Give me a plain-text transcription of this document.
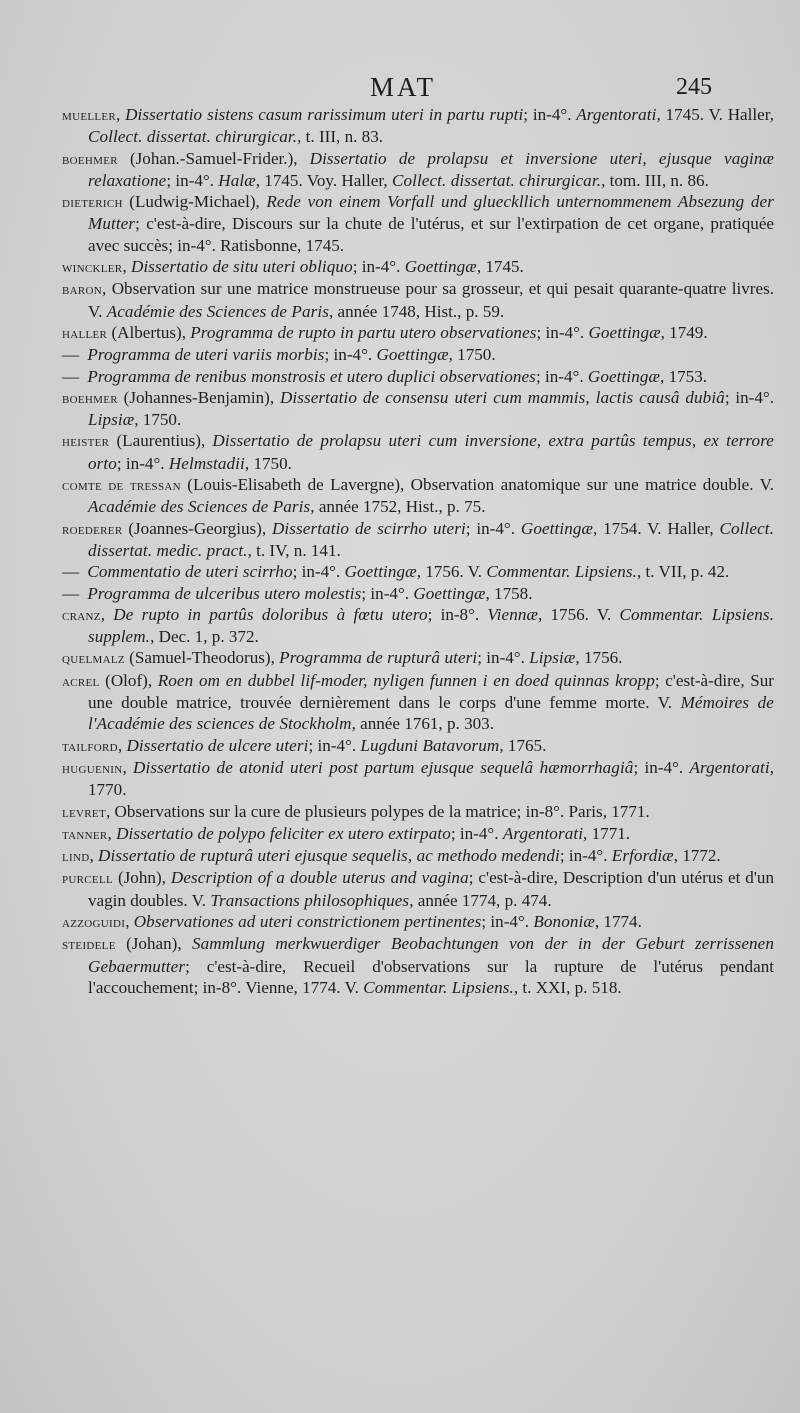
MAT	245

mueller, Dissertatio sistens casum rarissimum uteri in partu rupti; in-4°. Argentorati, 1745. V. Haller, Collect. dissertat. chirurgicar., t. III, n. 83.

boehmer (Johan.-Samuel-Frider.), Dissertatio de prolapsu et inversione uteri, ejusque vaginæ relaxatione; in-4°. Halæ, 1745. Voy. Haller, Collect. dissertat. chirurgicar., tom. III, n. 86.

dieterich (Ludwig-Michael), Rede von einem Vorfall und glueckllich unternommenem Absezung der Mutter; c'est-à-dire, Discours sur la chute de l'utérus, et sur l'extirpation de cet organe, pratiquée avec succès; in-4°. Ratisbonne, 1745.

winckler, Dissertatio de situ uteri obliquo; in-4°. Goettingæ, 1745.

baron, Observation sur une matrice monstrueuse pour sa grosseur, et qui pesait quarante-quatre livres. V. Académie des Sciences de Paris, année 1748, Hist., p. 59.

haller (Albertus), Programma de rupto in partu utero observationes; in-4°. Goettingæ, 1749.

— Programma de uteri variis morbis; in-4°. Goettingæ, 1750.

— Programma de renibus monstrosis et utero duplici observationes; in-4°. Goettingæ, 1753.

boehmer (Johannes-Benjamin), Dissertatio de consensu uteri cum mammis, lactis causâ dubiâ; in-4°. Lipsiæ, 1750.

heister (Laurentius), Dissertatio de prolapsu uteri cum inversione, extra partûs tempus, ex terrore orto; in-4°. Helmstadii, 1750.

comte de tressan (Louis-Elisabeth de Lavergne), Observation anatomique sur une matrice double. V. Académie des Sciences de Paris, année 1752, Hist., p. 75.

roederer (Joannes-Georgius), Dissertatio de scirrho uteri; in-4°. Goettingæ, 1754. V. Haller, Collect. dissertat. medic. pract., t. IV, n. 141.

— Commentatio de uteri scirrho; in-4°. Goettingæ, 1756. V. Commentar. Lipsiens., t. VII, p. 42.

— Programma de ulceribus utero molestis; in-4°. Goettingæ, 1758.

cranz, De rupto in partûs doloribus à fœtu utero; in-8°. Viennæ, 1756. V. Commentar. Lipsiens. supplem., Dec. 1, p. 372.

quelmalz (Samuel-Theodorus), Programma de rupturâ uteri; in-4°. Lipsiæ, 1756.

acrel (Olof), Roen om en dubbel lif-moder, nyligen funnen i en doed quinnas kropp; c'est-à-dire, Sur une double matrice, trouvée dernièrement dans le corps d'une femme morte. V. Mémoires de l'Académie des sciences de Stockholm, année 1761, p. 303.

tailford, Dissertatio de ulcere uteri; in-4°. Lugduni Batavorum, 1765.

huguenin, Dissertatio de atonid uteri post partum ejusque sequelâ hæmorrhagiâ; in-4°. Argentorati, 1770.

levret, Observations sur la cure de plusieurs polypes de la matrice; in-8°. Paris, 1771.

tanner, Dissertatio de polypo feliciter ex utero extirpato; in-4°. Argentorati, 1771.

lind, Dissertatio de rupturâ uteri ejusque sequelis, ac methodo medendi; in-4°. Erfordiæ, 1772.

purcell (John), Description of a double uterus and vagina; c'est-à-dire, Description d'un utérus et d'un vagin doubles. V. Transactions philosophiques, année 1774, p. 474.

azzoguidi, Observationes ad uteri constrictionem pertinentes; in-4°. Bononiæ, 1774.

steidele (Johan), Sammlung merkwuerdiger Beobachtungen von der in der Geburt zerrissenen Gebaermutter; c'est-à-dire, Recueil d'observations sur la rupture de l'utérus pendant l'accouchement; in-8°. Vienne, 1774. V. Commentar. Lipsiens., t. XXI, p. 518.
